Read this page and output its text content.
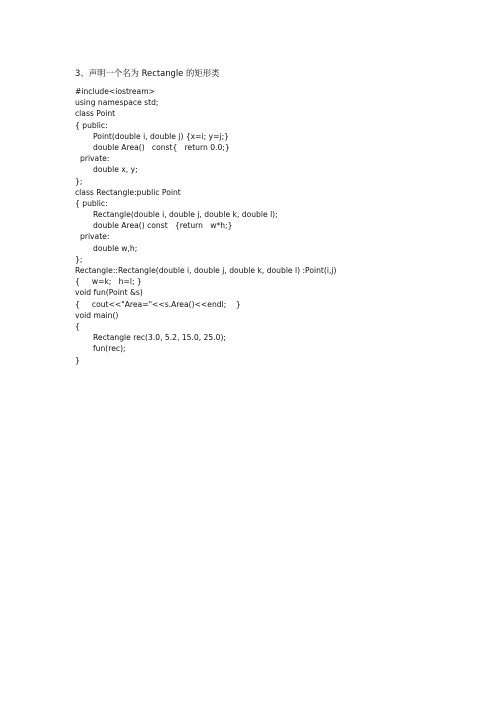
3、声明一个名为 Rectangle 的矩形类
#include<iostream>
using namespace std;
class Point
{ public:
Point(double i, double j) {x=i; y=j;}
double Area()   const{   return 0.0;}
private:
double x, y;
};
class Rectangle:public Point
{ public:
Rectangle(double i, double j, double k, double l);
double Area() const   {return   w*h;}
private:
double w,h;
};
Rectangle::Rectangle(double i, double j, double k, double l) :Point(i,j)
{     w=k;   h=l; }
void fun(Point &s)
{     cout<<"Area="<<s.Area()<<endl;    }
void main()
{
Rectangle rec(3.0, 5.2, 15.0, 25.0);
fun(rec);
}
